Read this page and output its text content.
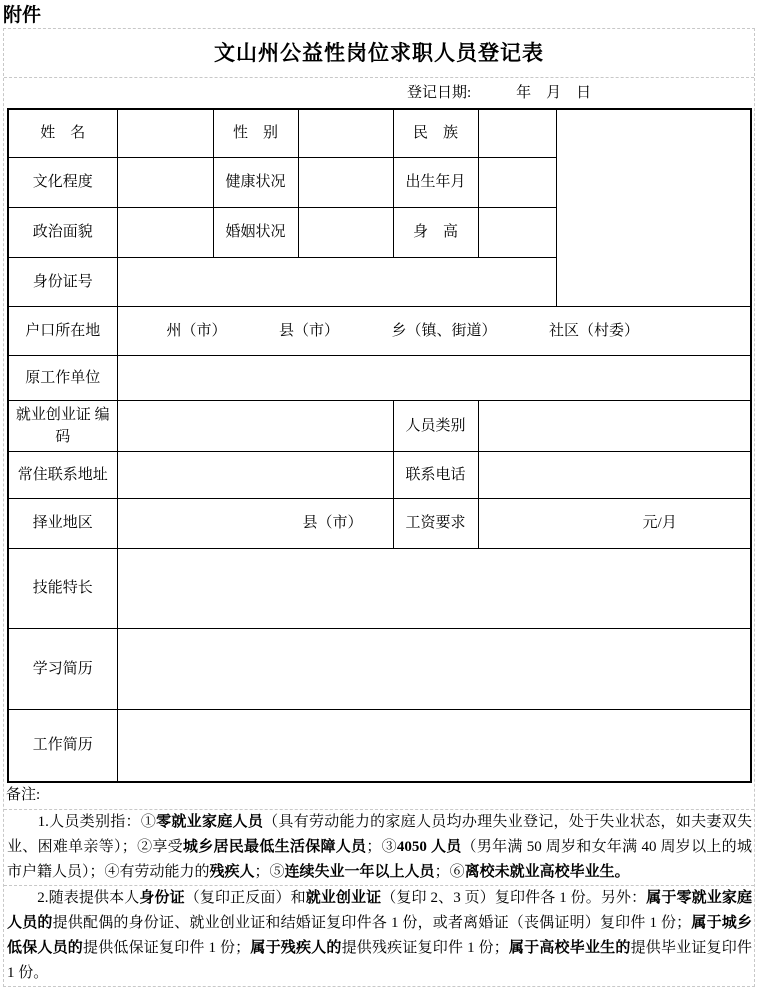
附件
文山州公益性岗位求职人员登记表
登记日期:　　　年　月　日
姓　名		性　别		民　族		
文化程度		健康状况		出生年月		
政治面貌		婚姻状况		身　高		
身份证号						
户口所在地	　　　州（市）　　　　县（市）　　　　乡（镇、街道）　　　　社区（村委）					
原工作单位						
就业创业证 编码				人员类别		
常住联系地址				联系电话		
择业地区	县（市）			工资要求	元/月	
技能特长						
学习简历						
工作简历						
备注:
　　1.人员类别指：①零就业家庭人员（具有劳动能力的家庭人员均办理失业登记，处于失业状态，如夫妻双失业、困难单亲等）；②享受城乡居民最低生活保障人员；③4050 人员（男年满 50 周岁和女年满 40 周岁以上的城市户籍人员）；④有劳动能力的残疾人；⑤连续失业一年以上人员；⑥离校未就业高校毕业生。
　　2.随表提供本人身份证（复印正反面）和就业创业证（复印 2、3 页）复印件各 1 份。另外：属于零就业家庭人员的提供配偶的身份证、就业创业证和结婚证复印件各 1 份，或者离婚证（丧偶证明）复印件 1 份；属于城乡低保人员的提供低保证复印件 1 份；属于残疾人的提供残疾证复印件 1 份；属于高校毕业生的提供毕业证复印件 1 份。
